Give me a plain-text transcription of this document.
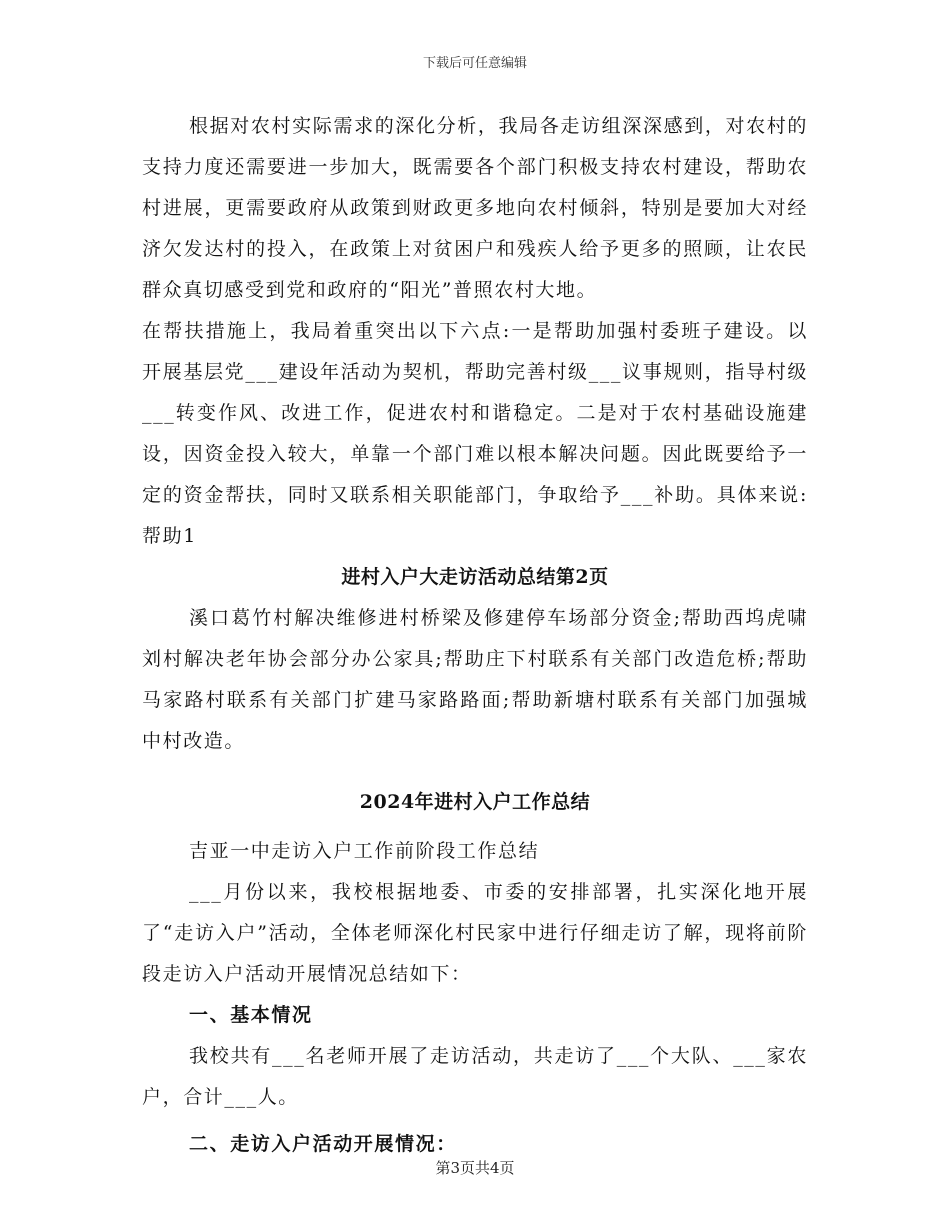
下载后可任意编辑

根据对农村实际需求的深化分析，我局各走访组深深感到，对农村的支持力度还需要进一步加大，既需要各个部门积极支持农村建设，帮助农村进展，更需要政府从政策到财政更多地向农村倾斜，特别是要加大对经济欠发达村的投入，在政策上对贫困户和残疾人给予更多的照顾，让农民群众真切感受到党和政府的“阳光”普照农村大地。

在帮扶措施上，我局着重突出以下六点:一是帮助加强村委班子建设。以开展基层党___建设年活动为契机，帮助完善村级___议事规则，指导村级___转变作风、改进工作，促进农村和谐稳定。二是对于农村基础设施建设，因资金投入较大，单靠一个部门难以根本解决问题。因此既要给予一定的资金帮扶，同时又联系相关职能部门，争取给予___补助。具体来说:帮助1

进村入户大走访活动总结第2页

溪口葛竹村解决维修进村桥梁及修建停车场部分资金;帮助西坞虎啸刘村解决老年协会部分办公家具;帮助庄下村联系有关部门改造危桥;帮助马家路村联系有关部门扩建马家路路面;帮助新塘村联系有关部门加强城中村改造。

2024年进村入户工作总结

吉亚一中走访入户工作前阶段工作总结

___月份以来，我校根据地委、市委的安排部署，扎实深化地开展了“走访入户”活动，全体老师深化村民家中进行仔细走访了解，现将前阶段走访入户活动开展情况总结如下：

一、基本情况

我校共有___名老师开展了走访活动，共走访了___个大队、___家农户，合计___人。

二、走访入户活动开展情况：

第3页共4页
